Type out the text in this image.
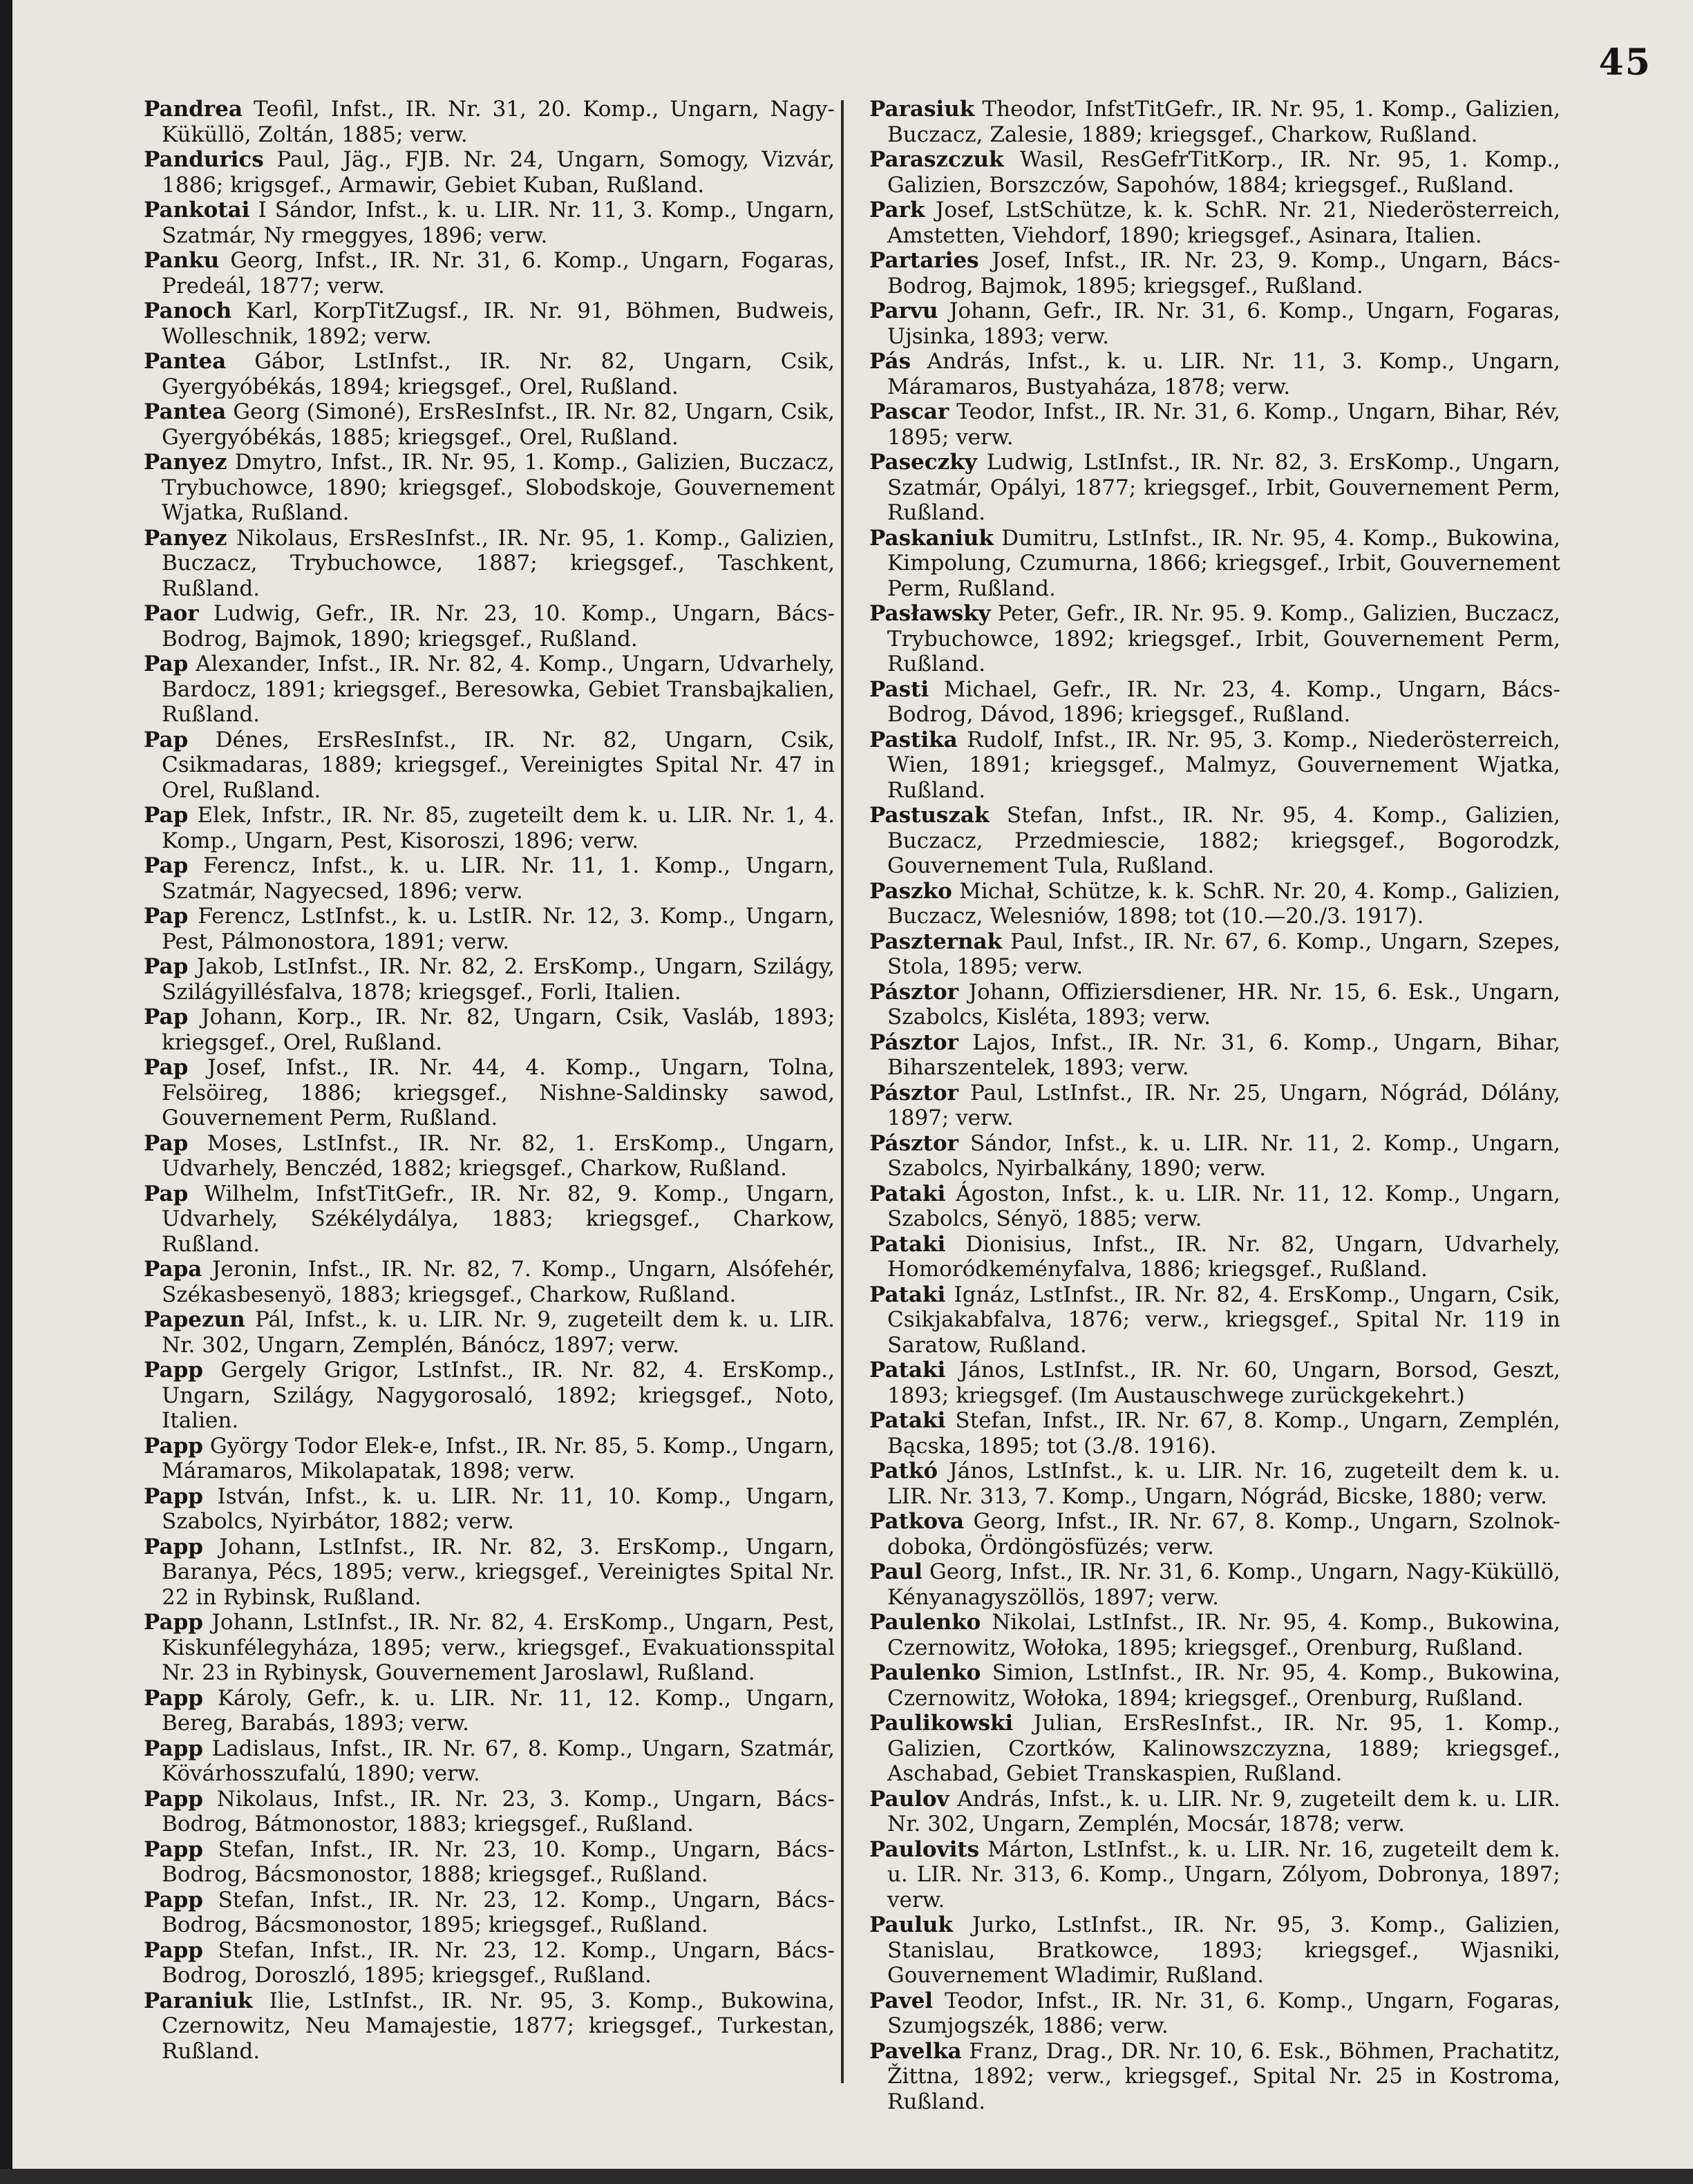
45

Pandrea Teofil, Infst., IR. Nr. 31, 20. Komp., Ungarn, Nagy-Küküllö, Zoltán, 1885; verw.

Pandurics Paul, Jäg., FJB. Nr. 24, Ungarn, Somogy, Vizvár, 1886; krigsgef., Armawir, Gebiet Kuban, Rußland.

Pankotai I Sándor, Infst., k. u. LIR. Nr. 11, 3. Komp., Ungarn, Szatmár, Ny rmeggyes, 1896; verw.

Panku Georg, Infst., IR. Nr. 31, 6. Komp., Ungarn, Fogaras, Predeál, 1877; verw.

Panoch Karl, KorpTitZugsf., IR. Nr. 91, Böhmen, Budweis, Wolleschnik, 1892; verw.

Pantea Gábor, LstInfst., IR. Nr. 82, Ungarn, Csik, Gyergyóbékás, 1894; kriegsgef., Orel, Rußland.

Pantea Georg (Simoné), ErsResInfst., IR. Nr. 82, Ungarn, Csik, Gyergyóbékás, 1885; kriegsgef., Orel, Rußland.

Panyez Dmytro, Infst., IR. Nr. 95, 1. Komp., Galizien, Buczacz, Trybuchowce, 1890; kriegsgef., Slobodskoje, Gouvernement Wjatka, Rußland.

Panyez Nikolaus, ErsResInfst., IR. Nr. 95, 1. Komp., Galizien, Buczacz, Trybuchowce, 1887; kriegsgef., Taschkent, Rußland.

Paor Ludwig, Gefr., IR. Nr. 23, 10. Komp., Ungarn, Bács-Bodrog, Bajmok, 1890; kriegsgef., Rußland.

Pap Alexander, Infst., IR. Nr. 82, 4. Komp., Ungarn, Udvarhely, Bardocz, 1891; kriegsgef., Beresowka, Gebiet Transbajkalien, Rußland.

Pap Dénes, ErsResInfst., IR. Nr. 82, Ungarn, Csik, Csikmadaras, 1889; kriegsgef., Vereinigtes Spital Nr. 47 in Orel, Rußland.

Pap Elek, Infstr., IR. Nr. 85, zugeteilt dem k. u. LIR. Nr. 1, 4. Komp., Ungarn, Pest, Kisoroszi, 1896; verw.

Pap Ferencz, Infst., k. u. LIR. Nr. 11, 1. Komp., Ungarn, Szatmár, Nagyecsed, 1896; verw.

Pap Ferencz, LstInfst., k. u. LstIR. Nr. 12, 3. Komp., Ungarn, Pest, Pálmonostora, 1891; verw.

Pap Jakob, LstInfst., IR. Nr. 82, 2. ErsKomp., Ungarn, Szilágy, Szilágyillésfalva, 1878; kriegsgef., Forli, Italien.

Pap Johann, Korp., IR. Nr. 82, Ungarn, Csik, Vasláb, 1893; kriegsgef., Orel, Rußland.

Pap Josef, Infst., IR. Nr. 44, 4. Komp., Ungarn, Tolna, Felsöireg, 1886; kriegsgef., Nishne-Saldinsky sawod, Gouvernement Perm, Rußland.

Pap Moses, LstInfst., IR. Nr. 82, 1. ErsKomp., Ungarn, Udvarhely, Benczéd, 1882; kriegsgef., Charkow, Rußland.

Pap Wilhelm, InfstTitGefr., IR. Nr. 82, 9. Komp., Ungarn, Udvarhely, Székélydálya, 1883; kriegsgef., Charkow, Rußland.

Papa Jeronin, Infst., IR. Nr. 82, 7. Komp., Ungarn, Alsófehér, Székasbesenyö, 1883; kriegsgef., Charkow, Rußland.

Papezun Pál, Infst., k. u. LIR. Nr. 9, zugeteilt dem k. u. LIR. Nr. 302, Ungarn, Zemplén, Bánócz, 1897; verw.

Papp Gergely Grigor, LstInfst., IR. Nr. 82, 4. ErsKomp., Ungarn, Szilágy, Nagygorosaló, 1892; kriegsgef., Noto, Italien.

Papp György Todor Elek-e, Infst., IR. Nr. 85, 5. Komp., Ungarn, Máramaros, Mikolapatak, 1898; verw.

Papp István, Infst., k. u. LIR. Nr. 11, 10. Komp., Ungarn, Szabolcs, Nyirbátor, 1882; verw.

Papp Johann, LstInfst., IR. Nr. 82, 3. ErsKomp., Ungarn, Baranya, Pécs, 1895; verw., kriegsgef., Vereinigtes Spital Nr. 22 in Rybinsk, Rußland.

Papp Johann, LstInfst., IR. Nr. 82, 4. ErsKomp., Ungarn, Pest, Kiskunfélegyháza, 1895; verw., kriegsgef., Evakuationsspital Nr. 23 in Rybinysk, Gouvernement Jaroslawl, Rußland.

Papp Károly, Gefr., k. u. LIR. Nr. 11, 12. Komp., Ungarn, Bereg, Barabás, 1893; verw.

Papp Ladislaus, Infst., IR. Nr. 67, 8. Komp., Ungarn, Szatmár, Kövárhosszufalú, 1890; verw.

Papp Nikolaus, Infst., IR. Nr. 23, 3. Komp., Ungarn, Bács-Bodrog, Bátmonostor, 1883; kriegsgef., Rußland.

Papp Stefan, Infst., IR. Nr. 23, 10. Komp., Ungarn, Bács-Bodrog, Bácsmonostor, 1888; kriegsgef., Rußland.

Papp Stefan, Infst., IR. Nr. 23, 12. Komp., Ungarn, Bács-Bodrog, Bácsmonostor, 1895; kriegsgef., Rußland.

Papp Stefan, Infst., IR. Nr. 23, 12. Komp., Ungarn, Bács-Bodrog, Doroszló, 1895; kriegsgef., Rußland.

Paraniuk Ilie, LstInfst., IR. Nr. 95, 3. Komp., Bukowina, Czernowitz, Neu Mamajestie, 1877; kriegsgef., Turkestan, Rußland.

Parasiuk Theodor, InfstTitGefr., IR. Nr. 95, 1. Komp., Galizien, Buczacz, Zalesie, 1889; kriegsgef., Charkow, Rußland.

Paraszczuk Wasil, ResGefrTitKorp., IR. Nr. 95, 1. Komp., Galizien, Borszczów, Sapohów, 1884; kriegsgef., Rußland.

Park Josef, LstSchütze, k. k. SchR. Nr. 21, Niederösterreich, Amstetten, Viehdorf, 1890; kriegsgef., Asinara, Italien.

Partaries Josef, Infst., IR. Nr. 23, 9. Komp., Ungarn, Bács-Bodrog, Bajmok, 1895; kriegsgef., Rußland.

Parvu Johann, Gefr., IR. Nr. 31, 6. Komp., Ungarn, Fogaras, Ujsinka, 1893; verw.

Pás András, Infst., k. u. LIR. Nr. 11, 3. Komp., Ungarn, Máramaros, Bustyaháza, 1878; verw.

Pascar Teodor, Infst., IR. Nr. 31, 6. Komp., Ungarn, Bihar, Rév, 1895; verw.

Paseczky Ludwig, LstInfst., IR. Nr. 82, 3. ErsKomp., Ungarn, Szatmár, Opályi, 1877; kriegsgef., Irbit, Gouvernement Perm, Rußland.

Paskaniuk Dumitru, LstInfst., IR. Nr. 95, 4. Komp., Bukowina, Kimpolung, Czumurna, 1866; kriegsgef., Irbit, Gouvernement Perm, Rußland.

Pasławsky Peter, Gefr., IR. Nr. 95. 9. Komp., Galizien, Buczacz, Trybuchowce, 1892; kriegsgef., Irbit, Gouvernement Perm, Rußland.

Pasti Michael, Gefr., IR. Nr. 23, 4. Komp., Ungarn, Bács-Bodrog, Dávod, 1896; kriegsgef., Rußland.

Pastika Rudolf, Infst., IR. Nr. 95, 3. Komp., Niederösterreich, Wien, 1891; kriegsgef., Malmyz, Gouvernement Wjatka, Rußland.

Pastuszak Stefan, Infst., IR. Nr. 95, 4. Komp., Galizien, Buczacz, Przedmiescie, 1882; kriegsgef., Bogorodzk, Gouvernement Tula, Rußland.

Paszko Michał, Schütze, k. k. SchR. Nr. 20, 4. Komp., Galizien, Buczacz, Welesniów, 1898; tot (10.—20./3. 1917).

Paszternak Paul, Infst., IR. Nr. 67, 6. Komp., Ungarn, Szepes, Stola, 1895; verw.

Pásztor Johann, Offiziersdiener, HR. Nr. 15, 6. Esk., Ungarn, Szabolcs, Kisléta, 1893; verw.

Pásztor Lajos, Infst., IR. Nr. 31, 6. Komp., Ungarn, Bihar, Biharszentelek, 1893; verw.

Pásztor Paul, LstInfst., IR. Nr. 25, Ungarn, Nógrád, Dólány, 1897; verw.

Pásztor Sándor, Infst., k. u. LIR. Nr. 11, 2. Komp., Ungarn, Szabolcs, Nyirbalkány, 1890; verw.

Pataki Ágoston, Infst., k. u. LIR. Nr. 11, 12. Komp., Ungarn, Szabolcs, Sényö, 1885; verw.

Pataki Dionisius, Infst., IR. Nr. 82, Ungarn, Udvarhely, Homoródkeményfalva, 1886; kriegsgef., Rußland.

Pataki Ignáz, LstInfst., IR. Nr. 82, 4. ErsKomp., Ungarn, Csik, Csikjakabfalva, 1876; verw., kriegsgef., Spital Nr. 119 in Saratow, Rußland.

Pataki János, LstInfst., IR. Nr. 60, Ungarn, Borsod, Geszt, 1893; kriegsgef. (Im Austauschwege zurückgekehrt.)

Pataki Stefan, Infst., IR. Nr. 67, 8. Komp., Ungarn, Zemplén, Bącska, 1895; tot (3./8. 1916).

Patkó János, LstInfst., k. u. LIR. Nr. 16, zugeteilt dem k. u. LIR. Nr. 313, 7. Komp., Ungarn, Nógrád, Bicske, 1880; verw.

Patkova Georg, Infst., IR. Nr. 67, 8. Komp., Ungarn, Szolnok-doboka, Ördöngösfüzés; verw.

Paul Georg, Infst., IR. Nr. 31, 6. Komp., Ungarn, Nagy-Küküllö, Kényanagyszöllös, 1897; verw.

Paulenko Nikolai, LstInfst., IR. Nr. 95, 4. Komp., Bukowina, Czernowitz, Wołoka, 1895; kriegsgef., Orenburg, Rußland.

Paulenko Simion, LstInfst., IR. Nr. 95, 4. Komp., Bukowina, Czernowitz, Wołoka, 1894; kriegsgef., Orenburg, Rußland.

Paulikowski Julian, ErsResInfst., IR. Nr. 95, 1. Komp., Galizien, Czortków, Kalinowszczyzna, 1889; kriegsgef., Aschabad, Gebiet Transkaspien, Rußland.

Paulov András, Infst., k. u. LIR. Nr. 9, zugeteilt dem k. u. LIR. Nr. 302, Ungarn, Zemplén, Mocsár, 1878; verw.

Paulovits Márton, LstInfst., k. u. LIR. Nr. 16, zugeteilt dem k. u. LIR. Nr. 313, 6. Komp., Ungarn, Zólyom, Dobronya, 1897; verw.

Pauluk Jurko, LstInfst., IR. Nr. 95, 3. Komp., Galizien, Stanislau, Bratkowce, 1893; kriegsgef., Wjasniki, Gouvernement Wladimir, Rußland.

Pavel Teodor, Infst., IR. Nr. 31, 6. Komp., Ungarn, Fogaras, Szumjogszék, 1886; verw.

Pavelka Franz, Drag., DR. Nr. 10, 6. Esk., Böhmen, Prachatitz, Žittna, 1892; verw., kriegsgef., Spital Nr. 25 in Kostroma, Rußland.
